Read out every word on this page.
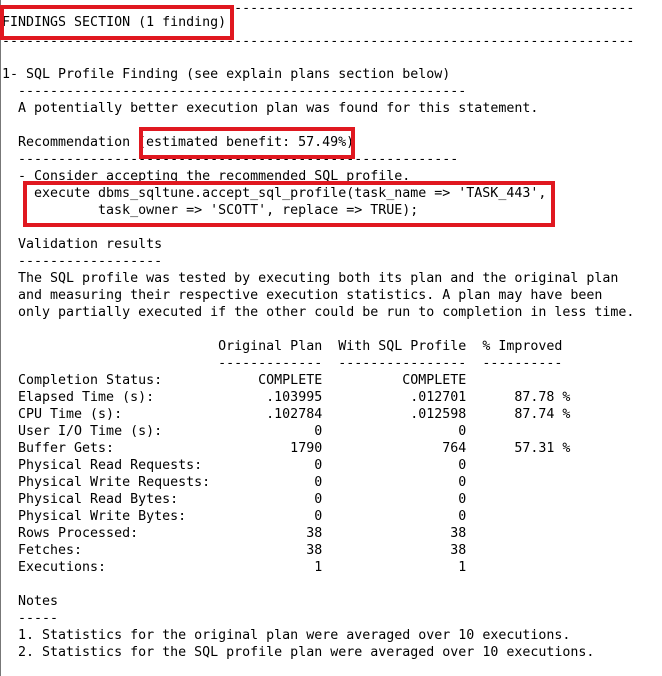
-------------------------------------------------------------------------------
FINDINGS SECTION (1 finding)
-------------------------------------------------------------------------------
1- SQL Profile Finding (see explain plans section below)
--------------------------------------------------------
A potentially better execution plan was found for this statement.
Recommendation ( estimated benefit: 57.49%)
-------------------------------------------------------
- Consider accepting the recommended SQL profile.
execute dbms_sqltune.accept_sql_profile(task_name => 'TASK_443',
task_owner => 'SCOTT', replace => TRUE);
Validation results
------------------
The SQL profile was tested by executing both its plan and the original plan
and measuring their respective execution statistics. A plan may have been
only partially executed if the other could be run to completion in less time.
Original Plan  With SQL Profile  % Improved
-------------  ----------------  ----------
Completion Status:            COMPLETE          COMPLETE
Elapsed Time (s):              .103995           .012701      87.78 %
CPU Time (s):                  .102784           .012598      87.74 %
User I/O Time (s):                   0                 0
Buffer Gets:                      1790               764      57.31 %
Physical Read Requests:              0                 0
Physical Write Requests:             0                 0
Physical Read Bytes:                 0                 0
Physical Write Bytes:                0                 0
Rows Processed:                     38                38
Fetches:                            38                38
Executions:                          1                 1
Notes
-----
1. Statistics for the original plan were averaged over 10 executions.
2. Statistics for the SQL profile plan were averaged over 10 executions.
